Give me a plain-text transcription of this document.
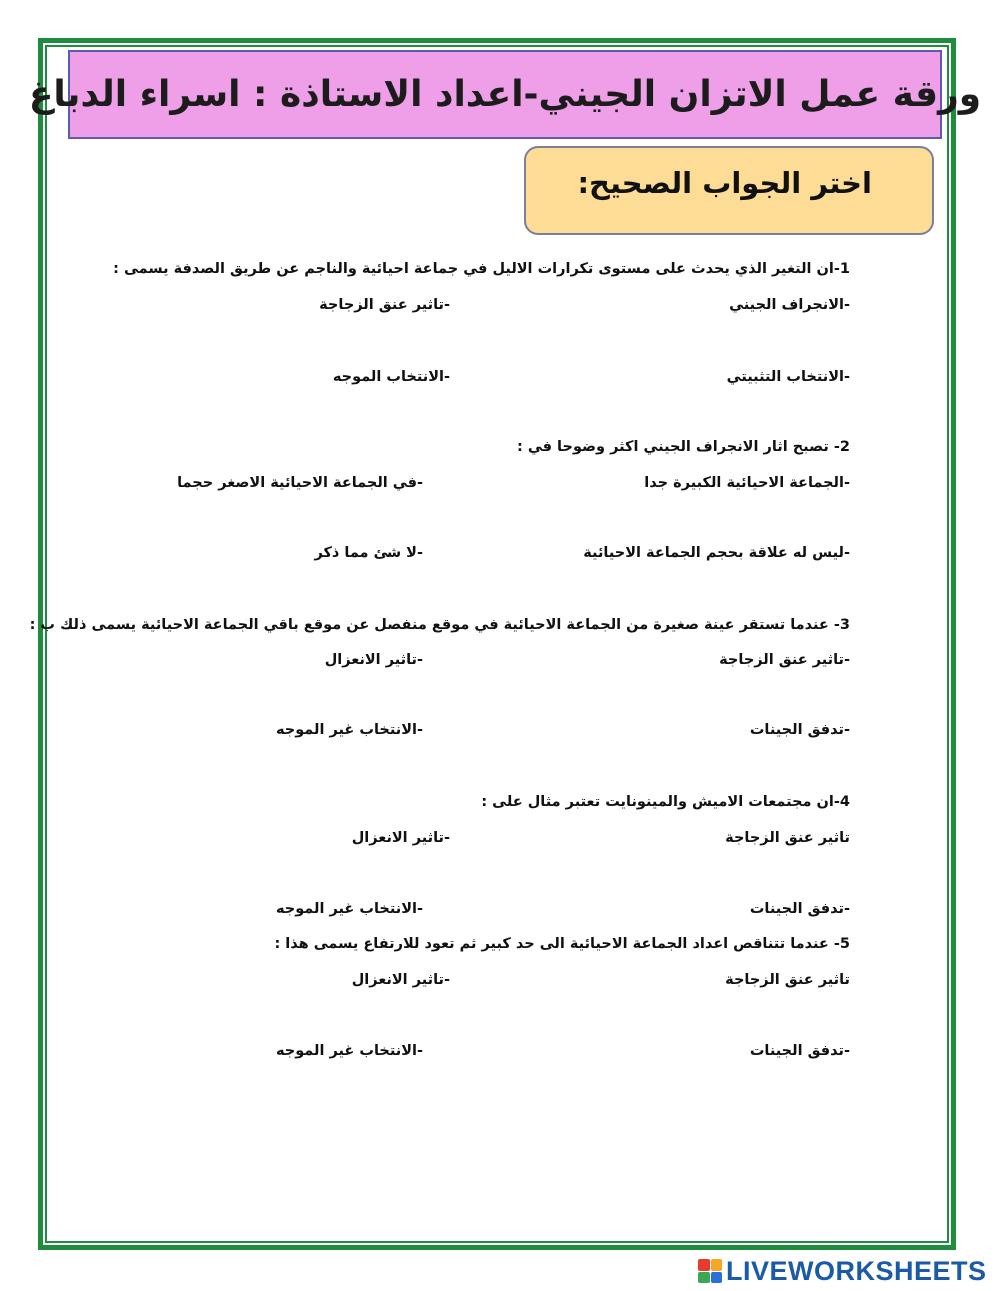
ورقة عمل الاتزان الجيني-اعداد الاستاذة : اسراء الدباغ
اختر الجواب الصحيح:
1-ان التغير الذي يحدث على مستوى تكرارات الاليل في جماعة احيائية والناجم عن طريق الصدفة يسمى :
-الانجراف الجيني
-تاثير عنق الزجاجة
-الانتخاب التثبيتي
-الانتخاب الموجه
2- تصبح اثار الانجراف الجيني اكثر وضوحا في :
-الجماعة الاحيائية الكبيرة جدا
-في الجماعة الاحيائية الاصغر حجما
-ليس له علاقة بحجم الجماعة الاحيائية
-لا شئ مما ذكر
3- عندما تستقر عينة صغيرة من الجماعة الاحيائية في موقع منفصل عن موقع باقي الجماعة الاحيائية يسمى ذلك ب :
-تاثير عنق الزجاجة
-تاثير الانعزال
-تدفق الجينات
-الانتخاب غير الموجه
4-ان مجتمعات الاميش والمينونايت تعتبر مثال على :
تاثير عنق الزجاجة
-تاثير الانعزال
-تدفق الجينات
-الانتخاب غير الموجه
5- عندما تتناقص اعداد الجماعة الاحيائية الى حد كبير ثم تعود للارتفاع يسمى هذا :
تاثير عنق الزجاجة
-تاثير الانعزال
-تدفق الجينات
-الانتخاب غير الموجه
LIVEWORKSHEETS
